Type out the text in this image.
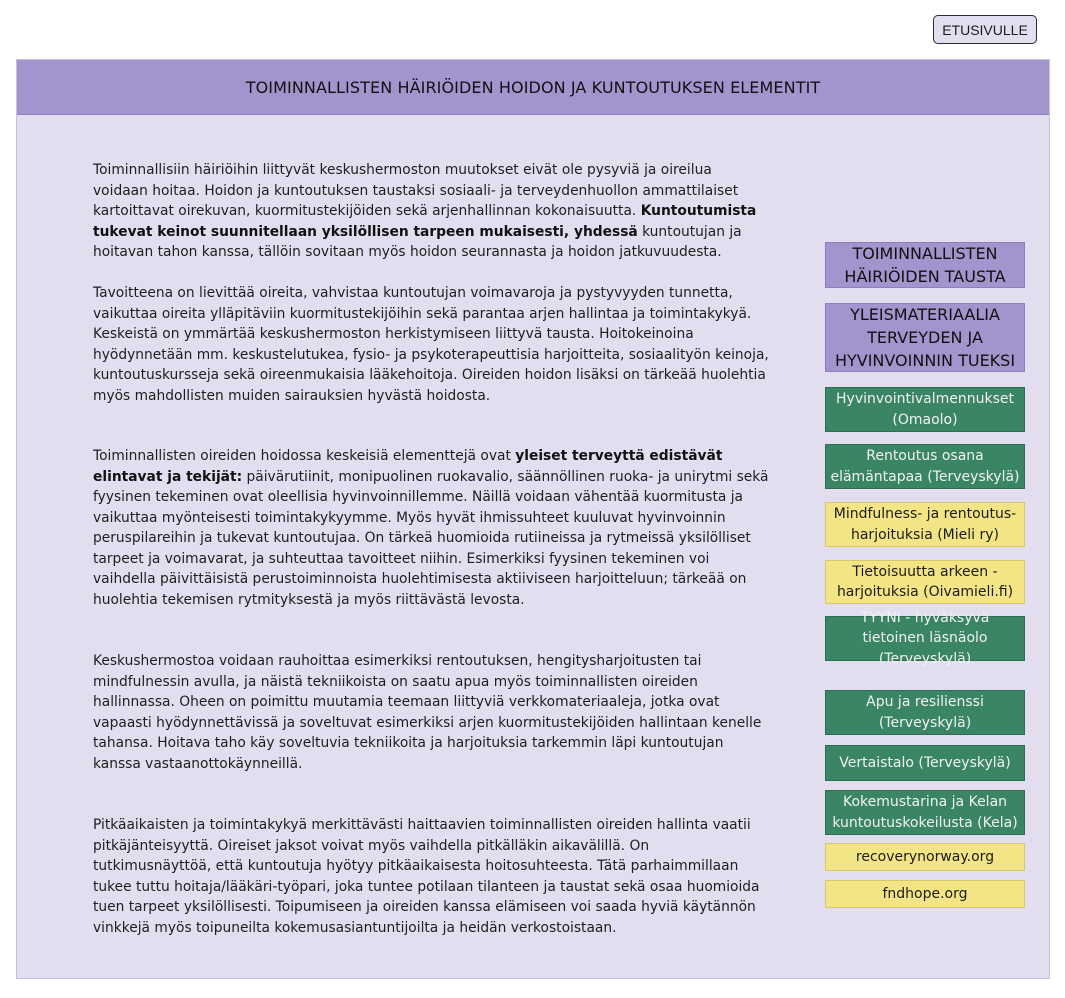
ETUSIVULLE
TOIMINNALLISTEN HÄIRIÖIDEN HOIDON JA KUNTOUTUKSEN ELEMENTIT

Toiminnallisiin häiriöihin liittyvät keskushermoston muutokset eivät ole pysyviä ja oireilua voidaan hoitaa. Hoidon ja kuntoutuksen taustaksi sosiaali- ja terveydenhuollon ammattilaiset kartoittavat oirekuvan, kuormitustekijöiden sekä arjenhallinnan kokonaisuutta. Kuntoutumista tukevat keinot suunnitellaan yksilöllisen tarpeen mukaisesti, yhdessä kuntoutujan ja hoitavan tahon kanssa, tällöin sovitaan myös hoidon seurannasta ja hoidon jatkuvuudesta.

Tavoitteena on lievittää oireita, vahvistaa kuntoutujan voimavaroja ja pystyvyyden tunnetta, vaikuttaa oireita ylläpitäviin kuormitustekijöihin sekä parantaa arjen hallintaa ja toimintakykyä. Keskeistä on ymmärtää keskushermoston herkistymiseen liittyvä tausta. Hoitokeinoina hyödynnetään mm. keskustelutukea, fysio- ja psykoterapeuttisia harjoitteita, sosiaalityön keinoja, kuntoutuskursseja sekä oireenmukaisia lääkehoitoja. Oireiden hoidon lisäksi on tärkeää huolehtia myös mahdollisten muiden sairauksien hyvästä hoidosta.

Toiminnallisten oireiden hoidossa keskeisiä elementtejä ovat yleiset terveyttä edistävät elintavat ja tekijät: päivärutiinit, monipuolinen ruokavalio, säännöllinen ruoka- ja unirytmi sekä fyysinen tekeminen ovat oleellisia hyvinvoinnillemme. Näillä voidaan vähentää kuormitusta ja vaikuttaa myönteisesti toimintakykyymme. Myös hyvät ihmissuhteet kuuluvat hyvinvoinnin peruspilareihin ja tukevat kuntoutujaa. On tärkeä huomioida rutiineissa ja rytmeissä yksilölliset tarpeet ja voimavarat, ja suhteuttaa tavoitteet niihin. Esimerkiksi fyysinen tekeminen voi vaihdella päivittäisistä perustoiminnoista huolehtimisesta aktiiviseen harjoitteluun; tärkeää on huolehtia tekemisen rytmityksestä ja myös riittävästä levosta.

Keskushermostoa voidaan rauhoittaa esimerkiksi rentoutuksen, hengitysharjoitusten tai mindfulnessin avulla, ja näistä tekniikoista on saatu apua myös toiminnallisten oireiden hallinnassa. Oheen on poimittu muutamia teemaan liittyviä verkkomateriaaleja, jotka ovat vapaasti hyödynnettävissä ja soveltuvat esimerkiksi arjen kuormitustekijöiden hallintaan kenelle tahansa. Hoitava taho käy soveltuvia tekniikoita ja harjoituksia tarkemmin läpi kuntoutujan kanssa vastaanottokäynneillä.

Pitkäaikaisten ja toimintakykyä merkittävästi haittaavien toiminnallisten oireiden hallinta vaatii pitkäjänteisyyttä. Oireiset jaksot voivat myös vaihdella pitkälläkin aikavälillä. On tutkimusnäyttöä, että kuntoutuja hyötyy pitkäaikaisesta hoitosuhteesta. Tätä parhaimmillaan tukee tuttu hoitaja/lääkäri-työpari, joka tuntee potilaan tilanteen ja taustat sekä osaa huomioida tuen tarpeet yksilöllisesti. Toipumiseen ja oireiden kanssa elämiseen voi saada hyviä käytännön vinkkejä myös toipuneilta kokemusasiantuntijoilta ja heidän verkostoistaan.

TOIMINNALLISTEN HÄIRIÖIDEN TAUSTA
YLEISMATERIAALIA TERVEYDEN JA HYVINVOINNIN TUEKSI
Hyvinvointivalmennukset (Omaolo)
Rentoutus osana elämäntapaa (Terveyskylä)
Mindfulness- ja rentoutus-harjoituksia (Mieli ry)
Tietoisuutta arkeen -harjoituksia (Oivamieli.fi)
TYYNI - hyväksyvä tietoinen läsnäolo (Terveyskylä)
Apu ja resilienssi (Terveyskylä)
Vertaistalo (Terveyskylä)
Kokemustarina ja Kelan kuntoutuskokeilusta (Kela)
recoverynorway.org
fndhope.org
